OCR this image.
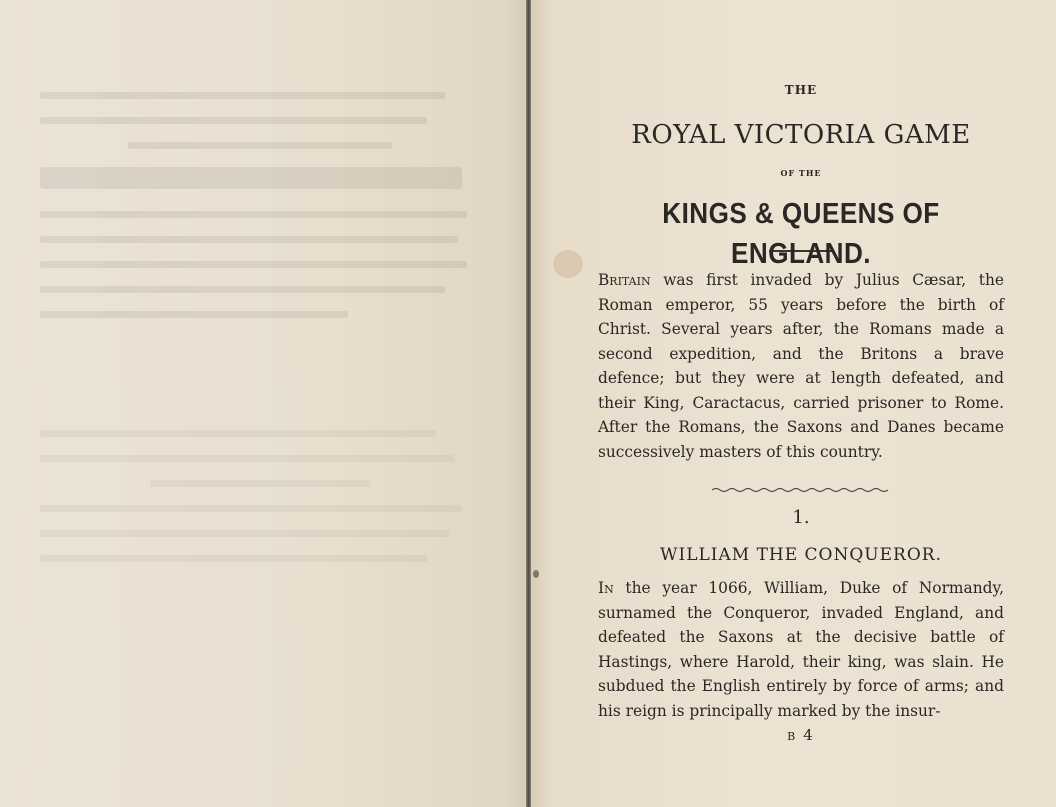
THE
ROYAL VICTORIA GAME
OF THE
KINGS & QUEENS OF ENGLAND.

Britain was first invaded by Julius Cæsar, the Roman emperor, 55 years before the birth of Christ. Several years after, the Romans made a second expedition, and the Britons a brave defence; but they were at length defeated, and their King, Caractacus, carried prisoner to Rome. After the Romans, the Saxons and Danes became successively masters of this country.

1.
WILLIAM THE CONQUEROR.

In the year 1066, William, Duke of Normandy, surnamed the Conqueror, invaded England, and defeated the Saxons at the decisive battle of Hastings, where Harold, their king, was slain. He subdued the English entirely by force of arms; and his reign is principally marked by the insur-

B 4
